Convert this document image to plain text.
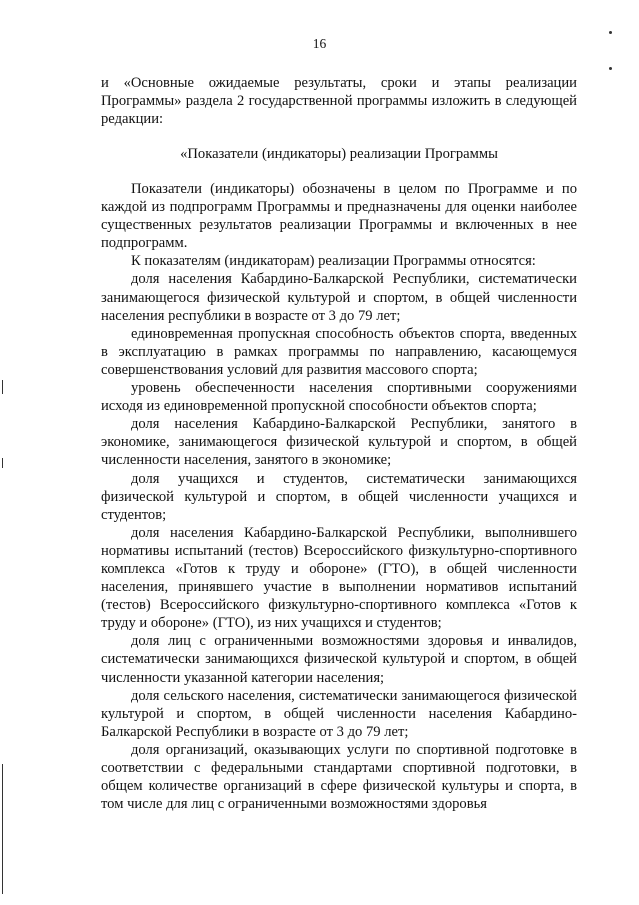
16

и «Основные ожидаемые результаты, сроки и этапы реализации Программы» раздела 2 государственной программы изложить в следующей редакции:

«Показатели (индикаторы) реализации Программы

Показатели (индикаторы) обозначены в целом по Программе и по каждой из подпрограмм Программы и предназначены для оценки наиболее существенных результатов реализации Программы и включенных в нее подпрограмм.

К показателям (индикаторам) реализации Программы относятся:

доля населения Кабардино-Балкарской Республики, систематически занимающегося физической культурой и спортом, в общей численности населения республики в возрасте от 3 до 79 лет;

единовременная пропускная способность объектов спорта, введенных в эксплуатацию в рамках программы по направлению, касающемуся совершенствования условий для развития массового спорта;

уровень обеспеченности населения спортивными сооружениями исходя из единовременной пропускной способности объектов спорта;

доля населения Кабардино-Балкарской Республики, занятого в экономике, занимающегося физической культурой и спортом, в общей численности населения, занятого в экономике;

доля учащихся и студентов, систематически занимающихся физической культурой и спортом, в общей численности учащихся и студентов;

доля населения Кабардино-Балкарской Республики, выполнившего нормативы испытаний (тестов) Всероссийского физкультурно-спортивного комплекса «Готов к труду и обороне» (ГТО), в общей численности населения, принявшего участие в выполнении нормативов испытаний (тестов) Всероссийского физкультурно-спортивного комплекса «Готов к труду и обороне» (ГТО), из них учащихся и студентов;

доля лиц с ограниченными возможностями здоровья и инвалидов, систематически занимающихся физической культурой и спортом, в общей численности указанной категории населения;

доля сельского населения, систематически занимающегося физической культурой и спортом, в общей численности населения Кабардино-Балкарской Республики в возрасте от 3 до 79 лет;

доля организаций, оказывающих услуги по спортивной подготовке в соответствии с федеральными стандартами спортивной подготовки, в общем количестве организаций в сфере физической культуры и спорта, в том числе для лиц с ограниченными возможностями здоровья
